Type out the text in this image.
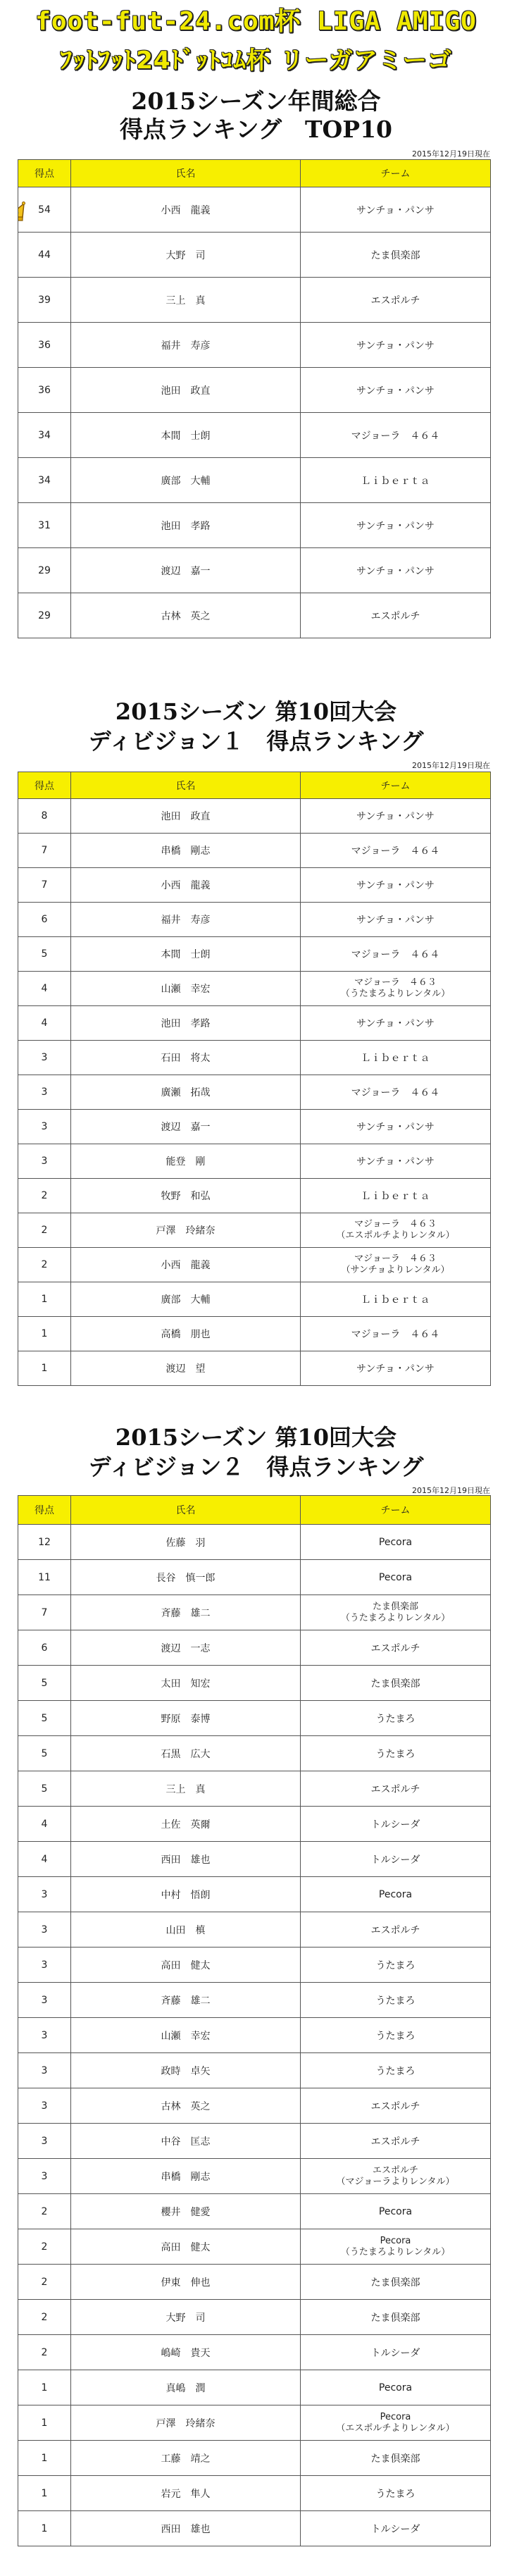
foot-fut-24.com杯 LIGA AMIGO
ﾌｯﾄﾌｯﾄ24ﾄﾞｯﾄｺﾑ杯 リーガアミーゴ
2015シーズン年間総合
得点ランキング　TOP10
2015年12月19日現在
得点	氏名	チーム
54	小西　龍義	サンチョ・パンサ
44	大野　司	たま倶楽部
39	三上　真	エスポルチ
36	福井　寿彦	サンチョ・パンサ
36	池田　政直	サンチョ・パンサ
34	本間　士朗	マジョーラ　４６４
34	廣部　大輔	Ｌｉｂｅｒｔａ
31	池田　孝路	サンチョ・パンサ
29	渡辺　嘉一	サンチョ・パンサ
29	古林　英之	エスポルチ
2015シーズン 第10回大会
ディビジョン１　得点ランキング
2015年12月19日現在
得点	氏名	チーム
8	池田　政直	サンチョ・パンサ
7	串橋　剛志	マジョーラ　４６４
7	小西　龍義	サンチョ・パンサ
6	福井　寿彦	サンチョ・パンサ
5	本間　士朗	マジョーラ　４６４
4	山瀬　幸宏	マジョーラ　４６３
（うたまろよりレンタル）

4	池田　孝路	サンチョ・パンサ
3	石田　将太	Ｌｉｂｅｒｔａ
3	廣瀬　拓哉	マジョーラ　４６４
3	渡辺　嘉一	サンチョ・パンサ
3	能登　剛	サンチョ・パンサ
2	牧野　和弘	Ｌｉｂｅｒｔａ
2	戸澤　玲緒奈	マジョーラ　４６３
（エスポルチよりレンタル）

2	小西　龍義	マジョーラ　４６３
（サンチョよりレンタル）

1	廣部　大輔	Ｌｉｂｅｒｔａ
1	高橋　朋也	マジョーラ　４６４
1	渡辺　望	サンチョ・パンサ
2015シーズン 第10回大会
ディビジョン２　得点ランキング
2015年12月19日現在
得点	氏名	チーム
12	佐藤　羽	Pecora
11	長谷　慎一郎	Pecora
7	斉藤　雄二	たま倶楽部
（うたまろよりレンタル）

6	渡辺　一志	エスポルチ
5	太田　知宏	たま倶楽部
5	野原　泰博	うたまろ
5	石黒　広大	うたまろ
5	三上　真	エスポルチ
4	土佐　英爾	トルシーダ
4	西田　雄也	トルシーダ
3	中村　悟朗	Pecora
3	山田　槙	エスポルチ
3	高田　健太	うたまろ
3	斉藤　雄二	うたまろ
3	山瀬　幸宏	うたまろ
3	政時　卓矢	うたまろ
3	古林　英之	エスポルチ
3	中谷　匡志	エスポルチ
3	串橋　剛志	エスポルチ
（マジョーラよりレンタル）

2	櫻井　健愛	Pecora
2	高田　健太	Pecora
（うたまろよりレンタル）

2	伊東　伸也	たま倶楽部
2	大野　司	たま倶楽部
2	嶋崎　貴天	トルシーダ
1	真嶋　潤	Pecora
1	戸澤　玲緒奈	Pecora
（エスポルチよりレンタル）

1	工藤　靖之	たま倶楽部
1	岩元　隼人	うたまろ
1	西田　雄也	トルシーダ
